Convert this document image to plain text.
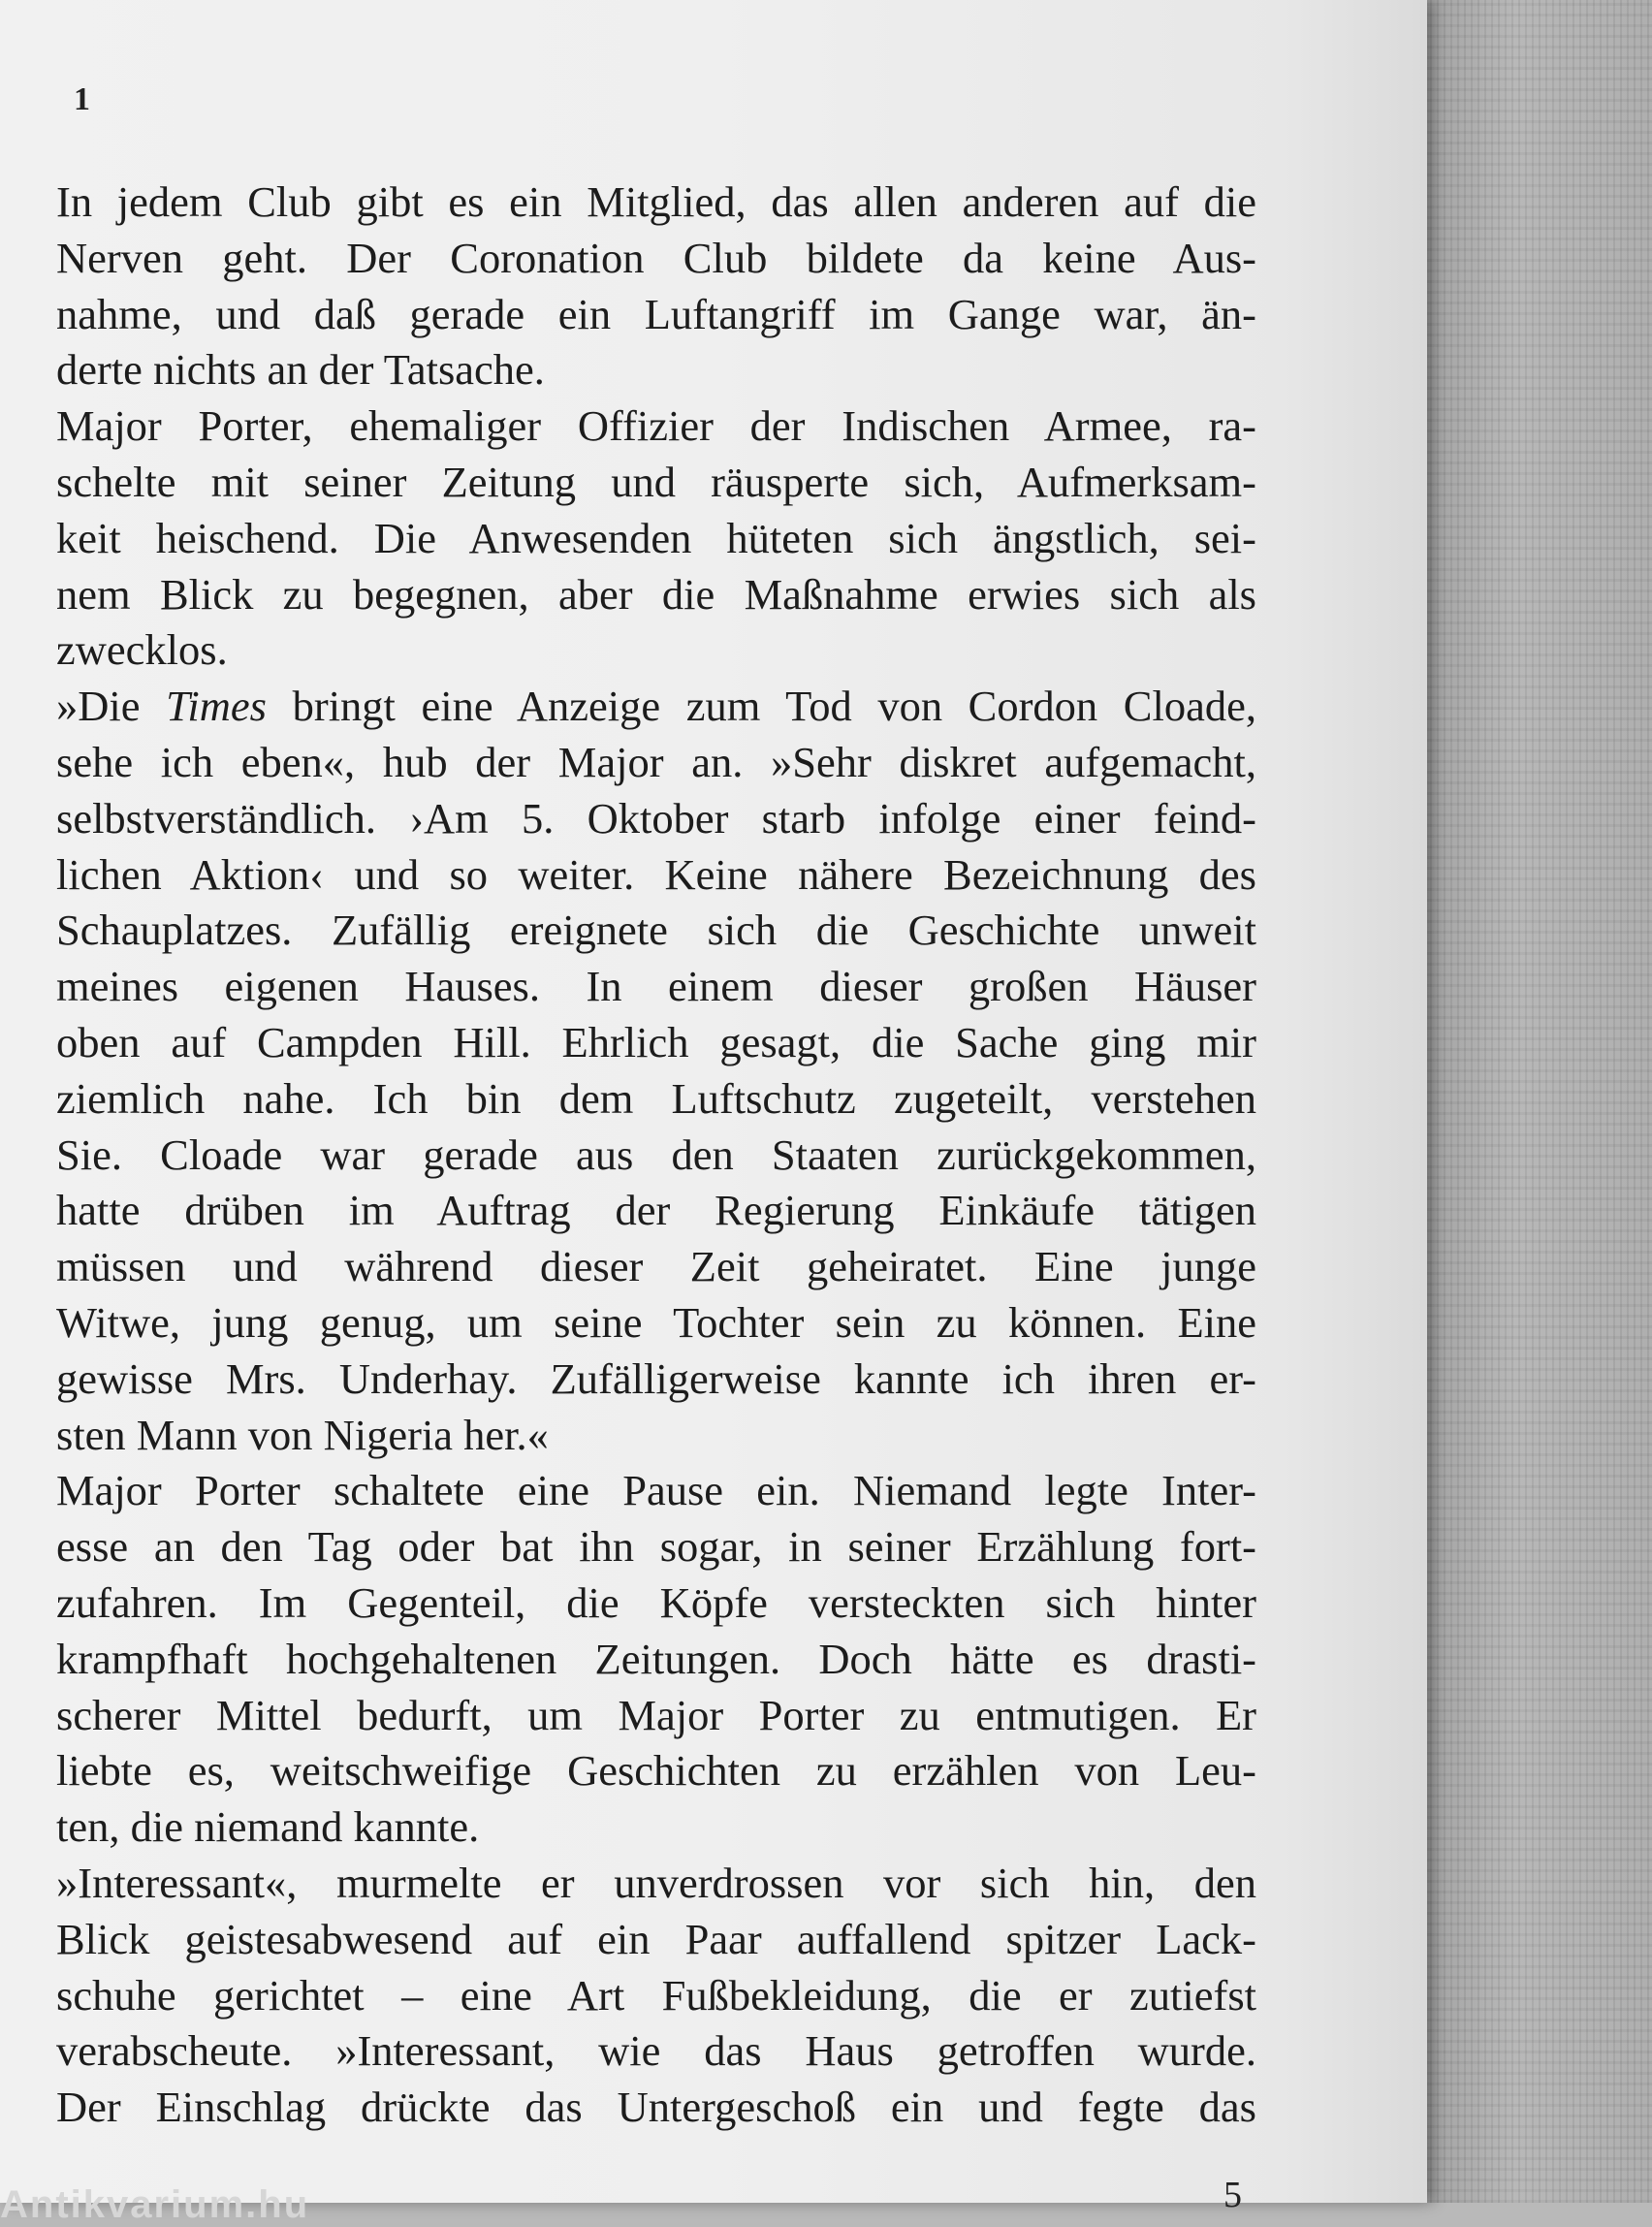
1

In jedem Club gibt es ein Mitglied, das allen anderen auf die
Nerven geht. Der Coronation Club bildete da keine Aus-
nahme, und daß gerade ein Luftangriff im Gange war, än-
derte nichts an der Tatsache.
Major Porter, ehemaliger Offizier der Indischen Armee, ra-
schelte mit seiner Zeitung und räusperte sich, Aufmerksam-
keit heischend. Die Anwesenden hüteten sich ängstlich, sei-
nem Blick zu begegnen, aber die Maßnahme erwies sich als
zwecklos.
»Die Times bringt eine Anzeige zum Tod von Cordon Cloade,
sehe ich eben«, hub der Major an. »Sehr diskret aufgemacht,
selbstverständlich. ›Am 5. Oktober starb infolge einer feind-
lichen Aktion‹ und so weiter. Keine nähere Bezeichnung des
Schauplatzes. Zufällig ereignete sich die Geschichte unweit
meines eigenen Hauses. In einem dieser großen Häuser
oben auf Campden Hill. Ehrlich gesagt, die Sache ging mir
ziemlich nahe. Ich bin dem Luftschutz zugeteilt, verstehen
Sie. Cloade war gerade aus den Staaten zurückgekommen,
hatte drüben im Auftrag der Regierung Einkäufe tätigen
müssen und während dieser Zeit geheiratet. Eine junge
Witwe, jung genug, um seine Tochter sein zu können. Eine
gewisse Mrs. Underhay. Zufälligerweise kannte ich ihren er-
sten Mann von Nigeria her.«
Major Porter schaltete eine Pause ein. Niemand legte Inter-
esse an den Tag oder bat ihn sogar, in seiner Erzählung fort-
zufahren. Im Gegenteil, die Köpfe versteckten sich hinter
krampfhaft hochgehaltenen Zeitungen. Doch hätte es drasti-
scherer Mittel bedurft, um Major Porter zu entmutigen. Er
liebte es, weitschweifige Geschichten zu erzählen von Leu-
ten, die niemand kannte.
»Interessant«, murmelte er unverdrossen vor sich hin, den
Blick geistesabwesend auf ein Paar auffallend spitzer Lack-
schuhe gerichtet – eine Art Fußbekleidung, die er zutiefst
verabscheute. »Interessant, wie das Haus getroffen wurde.
Der Einschlag drückte das Untergeschoß ein und fegte das

5
Antikvarium.hu
